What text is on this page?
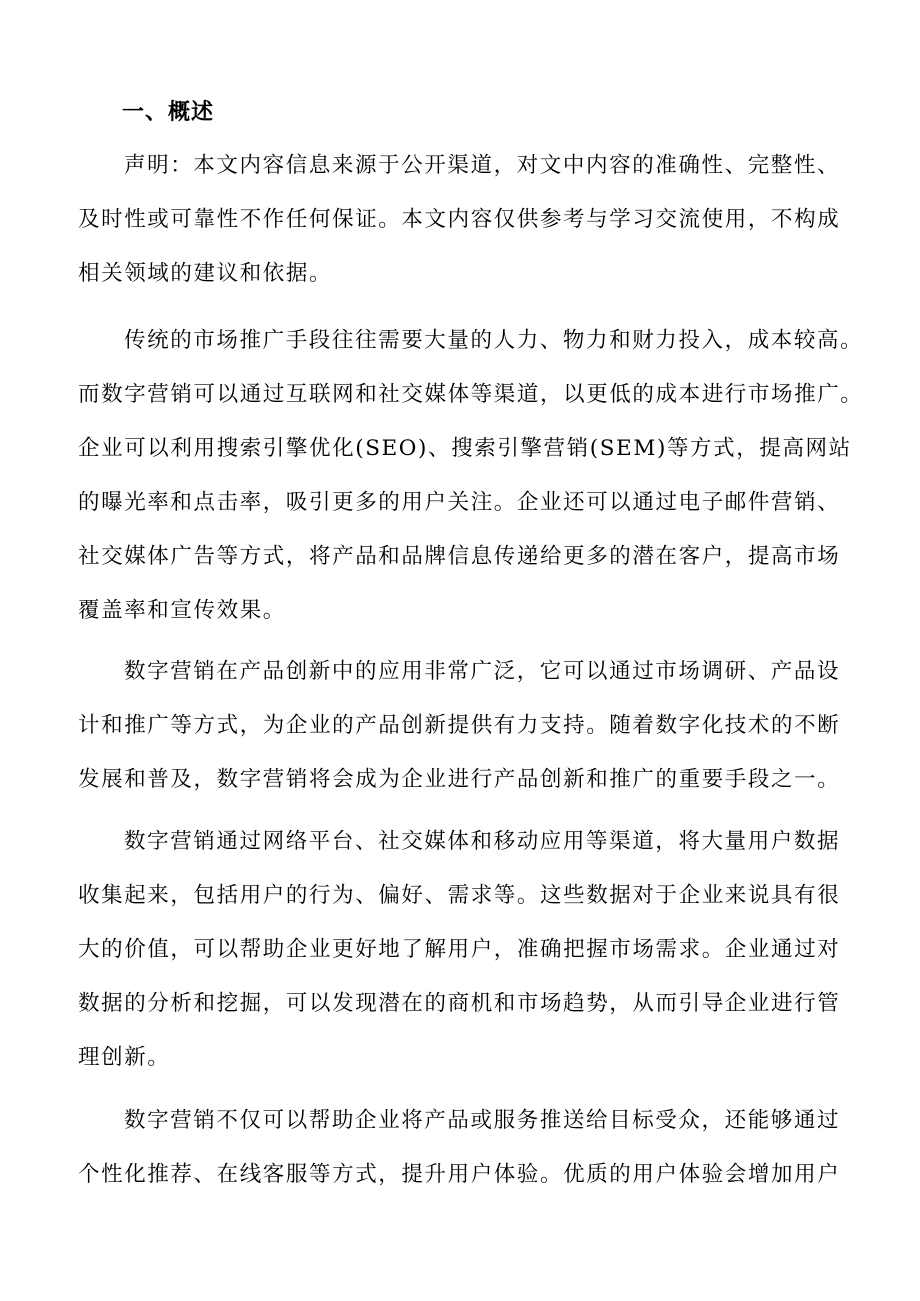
一、概述
声明：本文内容信息来源于公开渠道，对文中内容的准确性、完整性、
及时性或可靠性不作任何保证。本文内容仅供参考与学习交流使用，不构成
相关领域的建议和依据。
传统的市场推广手段往往需要大量的人力、物力和财力投入，成本较高。
而数字营销可以通过互联网和社交媒体等渠道，以更低的成本进行市场推广。
企业可以利用搜索引擎优化(SEO)、搜索引擎营销(SEM)等方式，提高网站
的曝光率和点击率，吸引更多的用户关注。企业还可以通过电子邮件营销、
社交媒体广告等方式，将产品和品牌信息传递给更多的潜在客户，提高市场
覆盖率和宣传效果。
数字营销在产品创新中的应用非常广泛，它可以通过市场调研、产品设
计和推广等方式，为企业的产品创新提供有力支持。随着数字化技术的不断
发展和普及，数字营销将会成为企业进行产品创新和推广的重要手段之一。
数字营销通过网络平台、社交媒体和移动应用等渠道，将大量用户数据
收集起来，包括用户的行为、偏好、需求等。这些数据对于企业来说具有很
大的价值，可以帮助企业更好地了解用户，准确把握市场需求。企业通过对
数据的分析和挖掘，可以发现潜在的商机和市场趋势，从而引导企业进行管
理创新。
数字营销不仅可以帮助企业将产品或服务推送给目标受众，还能够通过
个性化推荐、在线客服等方式，提升用户体验。优质的用户体验会增加用户
